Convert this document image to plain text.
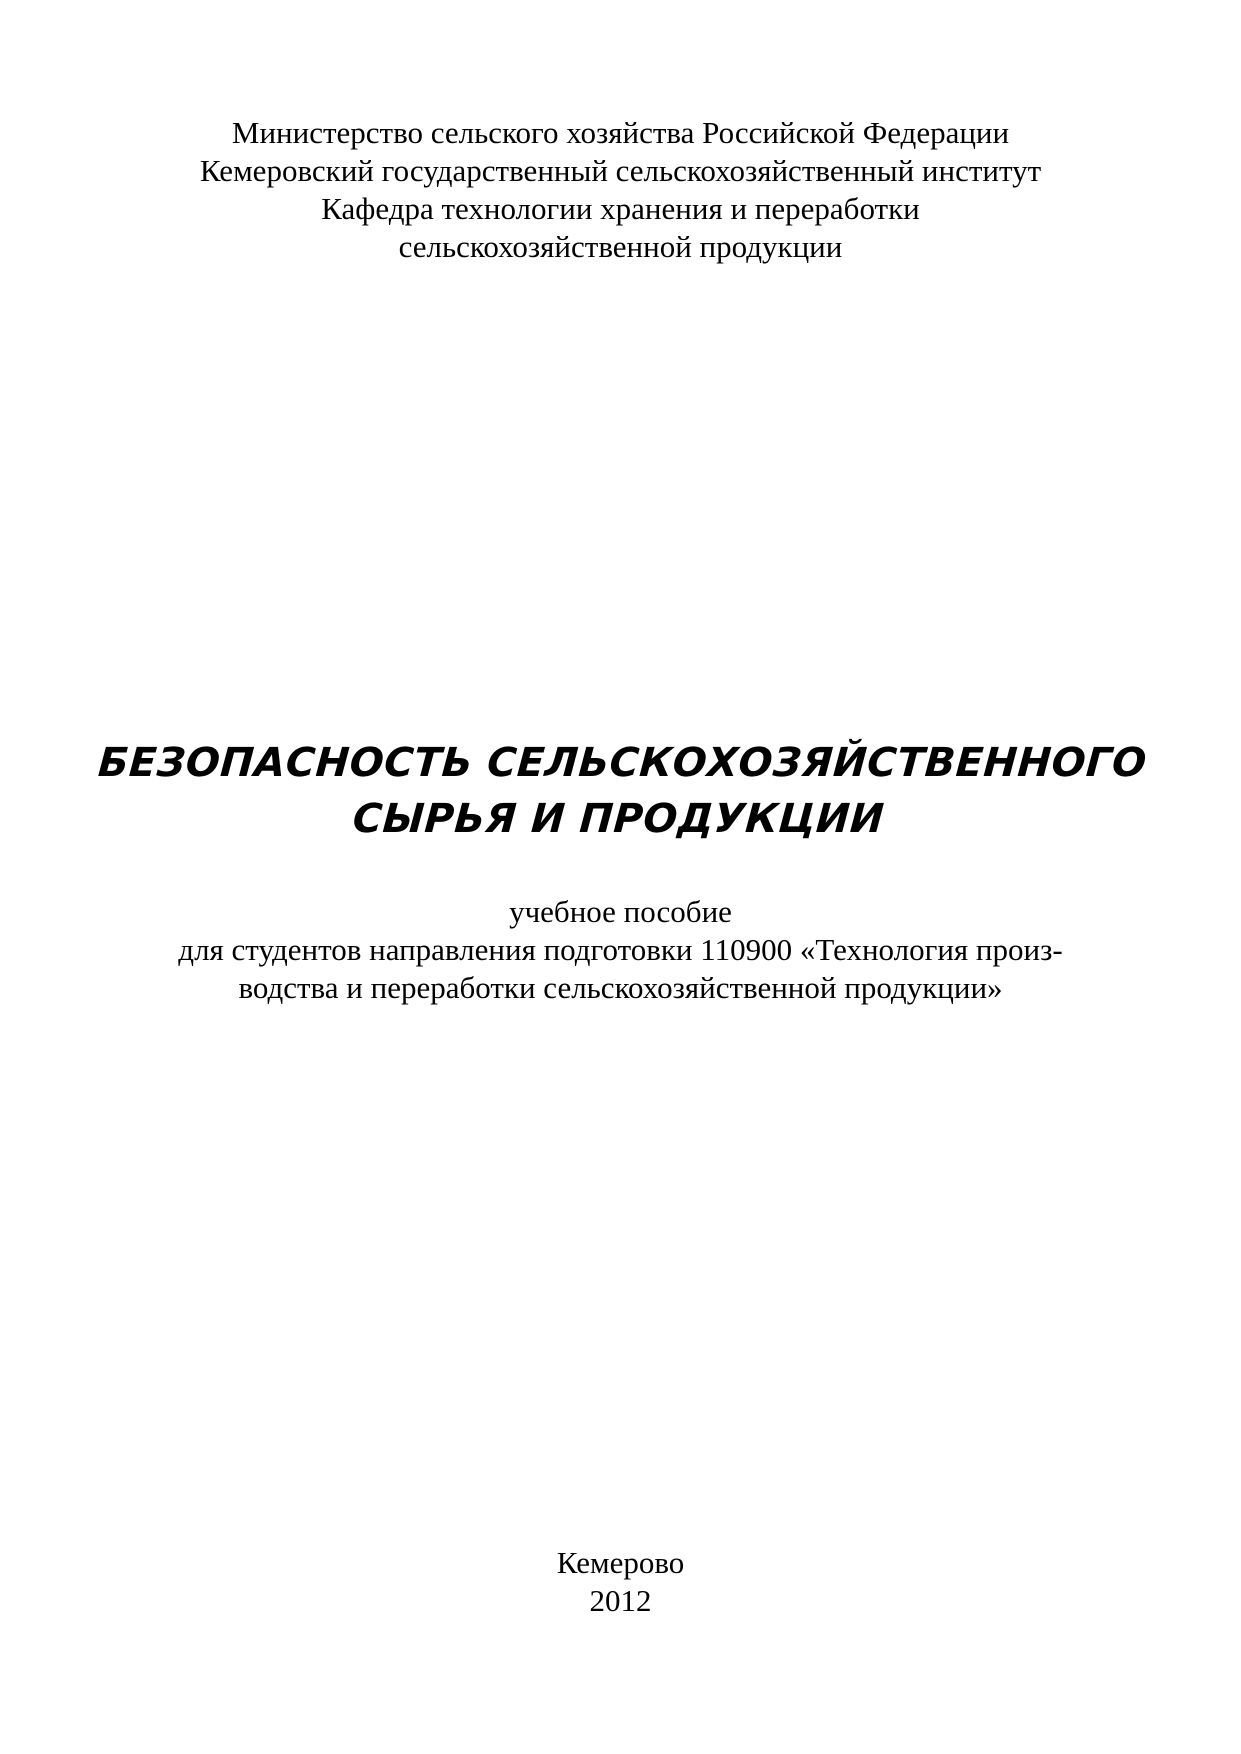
Министерство сельского хозяйства Российской Федерации
Кемеровский государственный сельскохозяйственный институт
Кафедра технологии хранения и переработки
сельскохозяйственной продукции
БЕЗОПАСНОСТЬ СЕЛЬСКОХОЗЯЙСТВЕННОГО
СЫРЬЯ И ПРОДУКЦИИ
учебное пособие
для студентов направления подготовки 110900 «Технология произ-
водства и переработки сельскохозяйственной продукции»
Кемерово
2012
